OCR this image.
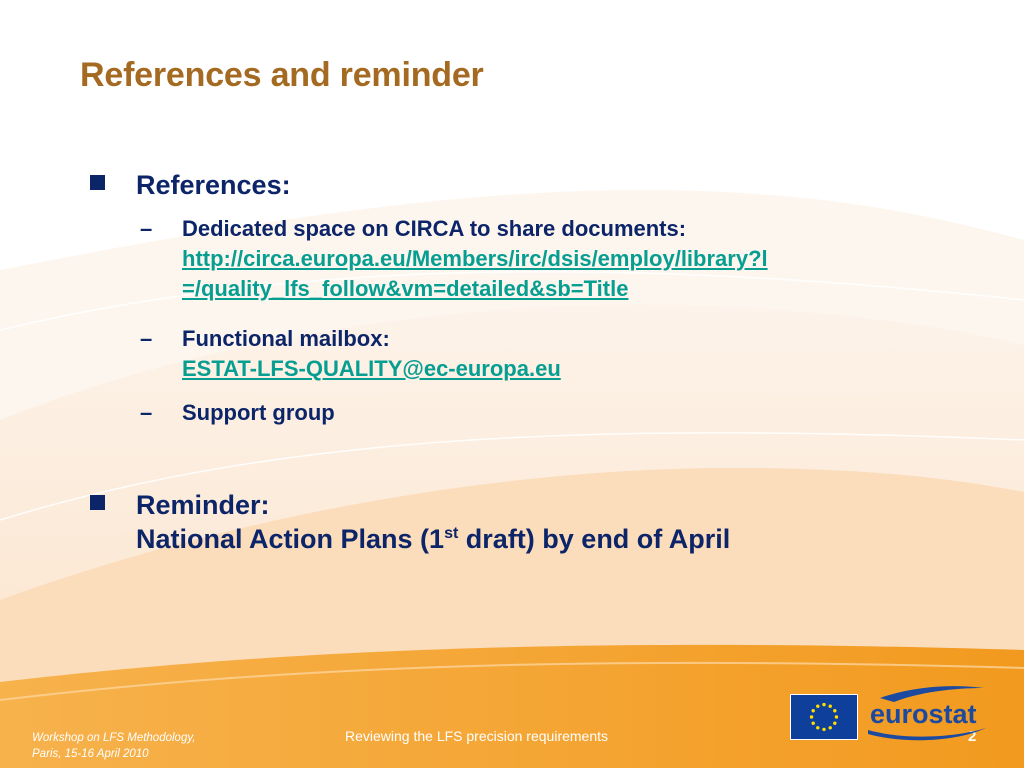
References and reminder
References:
– Dedicated space on CIRCA to share documents:
http://circa.europa.eu/Members/irc/dsis/employ/library?l
=/quality_lfs_follow&vm=detailed&sb=Title
– Functional mailbox:
ESTAT-LFS-QUALITY@ec-europa.eu
– Support group
Reminder:
National Action Plans (1st draft) by end of April
Workshop on LFS Methodology,
Paris, 15-16 April 2010
Reviewing the LFS precision requirements	2
eurostat
